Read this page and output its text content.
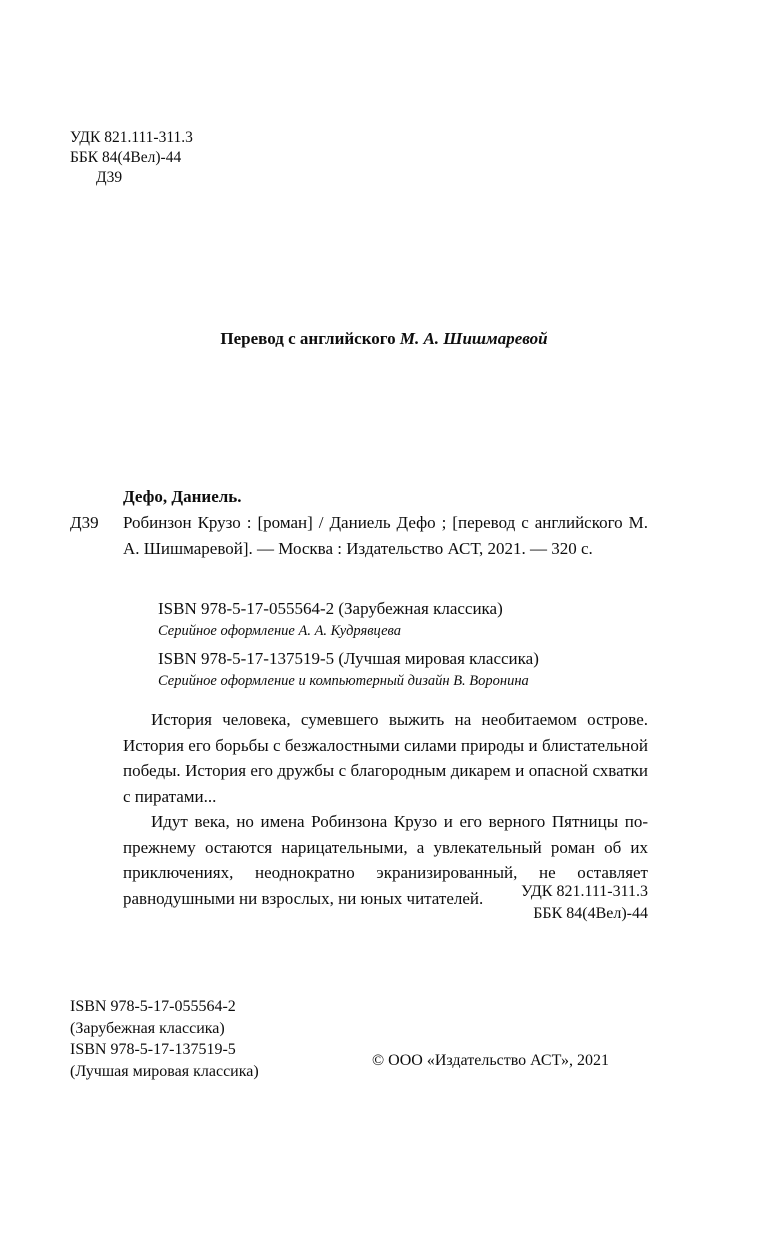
УДК 821.111-311.3
ББК 84(4Вел)-44
Д39
Перевод с английского М. А. Шишмаревой
Дефо, Даниель.
Д39 Робинзон Крузо : [роман] / Даниель Дефо ; [перевод с английского М. А. Шишмаревой]. — Москва : Издательство АСТ, 2021. — 320 с.
ISBN 978-5-17-055564-2 (Зарубежная классика)
Серийное оформление А. А. Кудрявцева
ISBN 978-5-17-137519-5 (Лучшая мировая классика)
Серийное оформление и компьютерный дизайн В. Воронина

История человека, сумевшего выжить на необитаемом острове. История его борьбы с безжалостными силами природы и блистательной победы. История его дружбы с благородным дикарем и опасной схватки с пиратами...

Идут века, но имена Робинзона Крузо и его верного Пятницы по-прежнему остаются нарицательными, а увлекательный роман об их приключениях, неоднократно экранизированный, не оставляет равнодушными ни взрослых, ни юных читателей.	УДК 821.111-311.3
ББК 84(4Вел)-44
ISBN 978-5-17-055564-2
(Зарубежная классика)
ISBN 978-5-17-137519-5
(Лучшая мировая классика)
© ООО «Издательство АСТ», 2021
